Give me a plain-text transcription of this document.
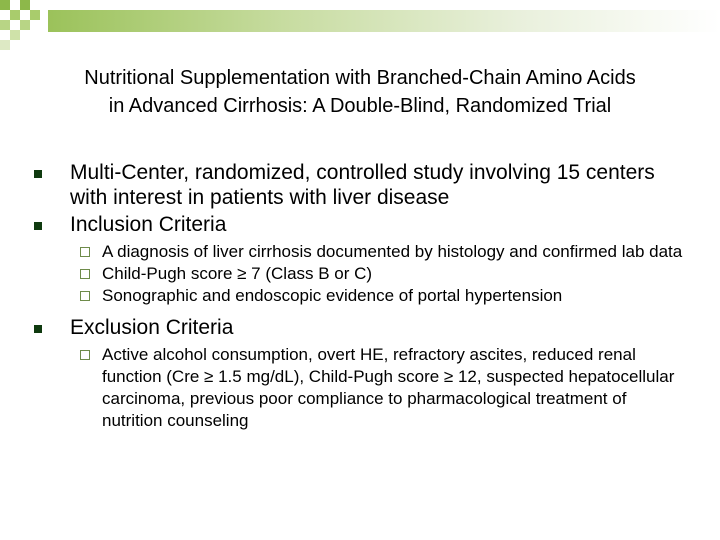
Nutritional Supplementation with Branched-Chain Amino Acids
in Advanced Cirrhosis: A Double-Blind, Randomized Trial
Multi-Center, randomized, controlled study involving 15 centers with interest in patients with liver disease
Inclusion Criteria
A diagnosis of liver cirrhosis documented by histology and confirmed lab data
Child-Pugh score ≥ 7 (Class B or C)
Sonographic and endoscopic evidence of portal hypertension
Exclusion Criteria
Active alcohol consumption, overt HE, refractory ascites, reduced renal function (Cre ≥ 1.5 mg/dL), Child-Pugh score ≥ 12, suspected hepatocellular carcinoma, previous poor compliance to pharmacological treatment of nutrition counseling
